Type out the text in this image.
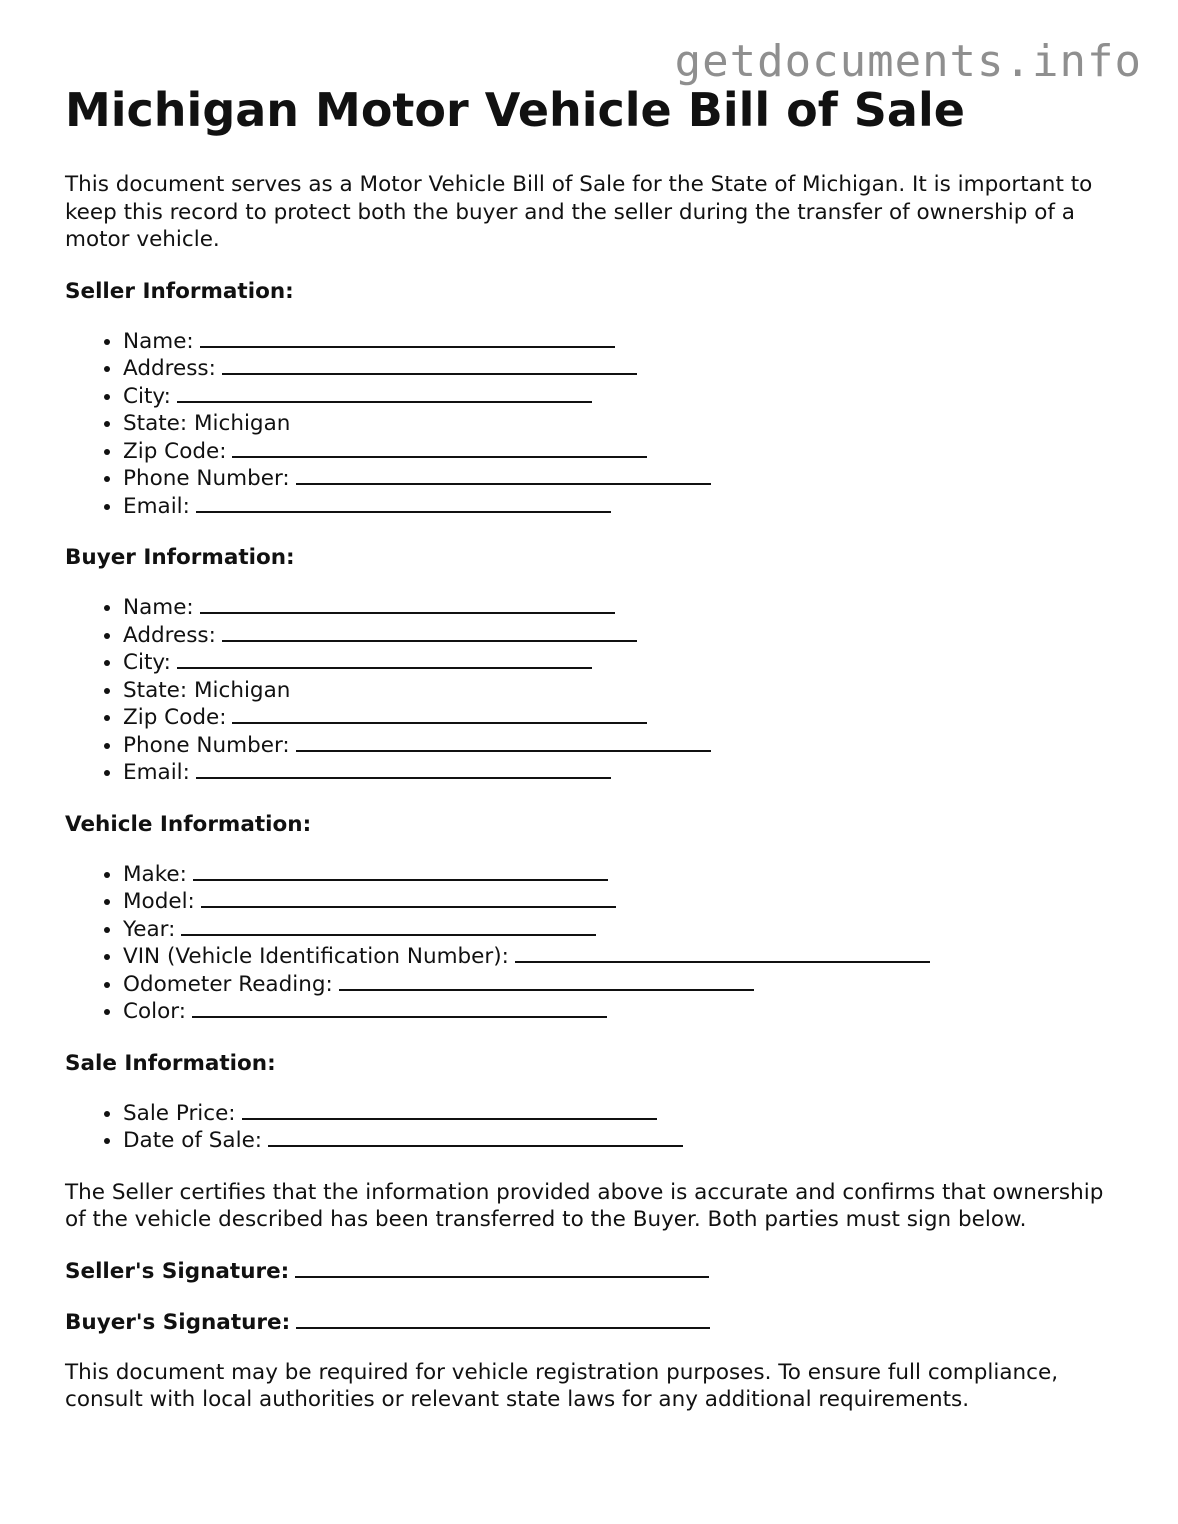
getdocuments.info
Michigan Motor Vehicle Bill of Sale

This document serves as a Motor Vehicle Bill of Sale for the State of Michigan. It is important to keep this record to protect both the buyer and the seller during the transfer of ownership of a motor vehicle.

Seller Information:
• Name:
• Address:
• City:
• State: Michigan
• Zip Code:
• Phone Number:
• Email:
Buyer Information:
• Name:
• Address:
• City:
• State: Michigan
• Zip Code:
• Phone Number:
• Email:
Vehicle Information:
• Make:
• Model:
• Year:
• VIN (Vehicle Identification Number):
• Odometer Reading:
• Color:
Sale Information:
• Sale Price:
• Date of Sale:

The Seller certifies that the information provided above is accurate and confirms that ownership of the vehicle described has been transferred to the Buyer. Both parties must sign below.

Seller's Signature:
Buyer's Signature:

This document may be required for vehicle registration purposes. To ensure full compliance, consult with local authorities or relevant state laws for any additional requirements.
